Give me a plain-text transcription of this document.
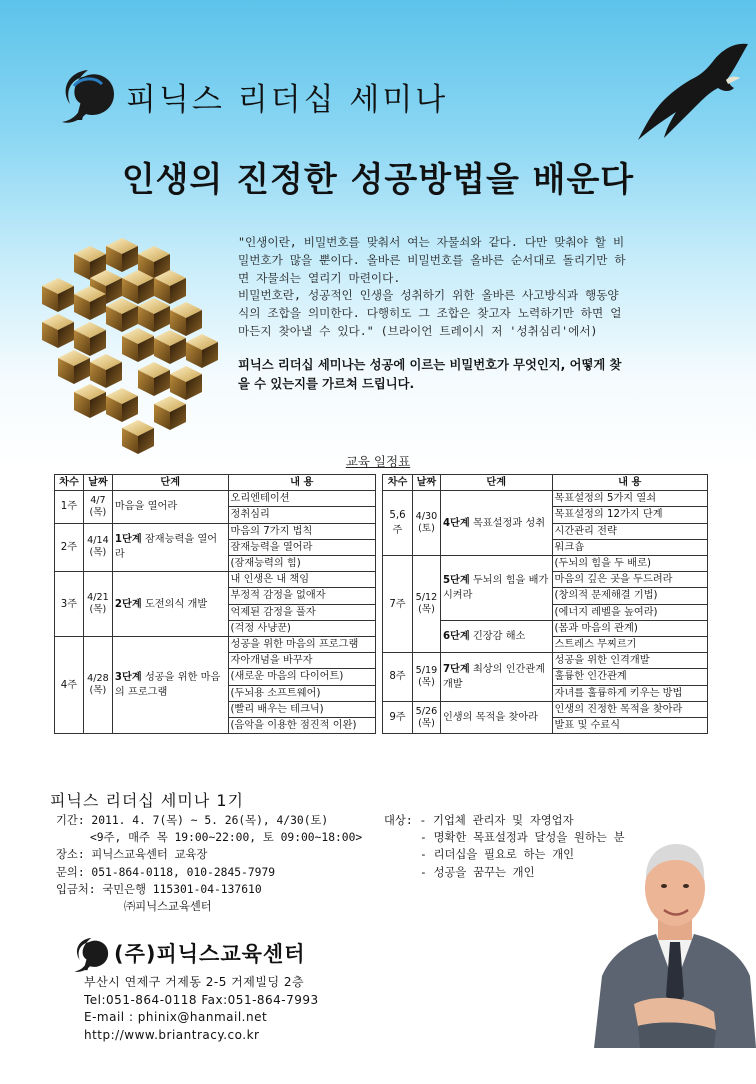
피닉스 리더십 세미나
인생의 진정한 성공방법을 배운다

"인생이란, 비밀번호를 맞춰서 여는 자물쇠와 같다. 다만 맞춰야 할 비

밀번호가 많을 뿐이다. 올바른 비밀번호를 올바른 순서대로 돌리기만 하

면 자물쇠는 열리기 마련이다.

비밀번호란, 성공적인 인생을 성취하기 위한 올바른 사고방식과 행동양

식의 조합을 의미한다. 다행히도 그 조합은 찾고자 노력하기만 하면 얼

마든지 찾아낼 수 있다." (브라이언 트레이시 저 '성취심리'에서)

피닉스 리더십 세미나는 성공에 이르는 비밀번호가 무엇인지, 어떻게 찾
을 수 있는지를 가르쳐 드립니다.
교육 일정표
차수	날짜	단계	내 용
1주	4/7 (목)	마음을 열어라	오리엔테이션
			정취심리
2주	4/14 (목)	1단계 잠재능력을 열어라	마음의 7가지 법칙
			잠재능력을 열어라
			(잠재능력의 힘)
3주	4/21 (목)	2단계 도전의식 개발	내 인생은 내 책임
			부정적 감정을 없애자
			억제된 감정을 풀자
			(걱정 사냥꾼)
4주	4/28 (목)	3단계 성공을 위한 마음의 프로그램	성공을 위한 마음의 프로그램
			자아개념을 바꾸자
			(새로운 마음의 다이어트)
			(두뇌용 소프트웨어)
			(빨리 배우는 테크닉)
			(음악을 이용한 점진적 이완)
차수	날짜	단계	내 용
5,6주	4/30 (토)	4단계 목표설정과 성취	목표설정의 5가지 열쇠
			목표설정의 12가지 단계
			시간관리 전략
			워크숍
7주	5/12 (목)	5단계 두뇌의 힘을 배가시켜라	(두뇌의 힘을 두 배로)
			마음의 깊은 곳을 두드려라
			(창의적 문제해결 기법)
			(에너지 레벨을 높여라)
		6단계 긴장감 해소	(몸과 마음의 관계)
			스트레스 무찌르기
8주	5/19 (목)	7단계 최상의 인간관계 개발	성공을 위한 인격개발
			훌륭한 인간관계
			자녀를 훌륭하게 키우는 방법
9주	5/26 (목)	인생의 목적을 찾아라	인생의 진정한 목적을 찾아라
			발표 및 수료식
피닉스 리더십 세미나 1기
기간: 2011. 4. 7(목) ~ 5. 26(목), 4/30(토)
<9주, 매주 목 19:00~22:00, 토 09:00~18:00>
장소: 피닉스교육센터 교육장
문의: 051-864-0118, 010-2845-7979
입금처: 국민은행 115301-04-137610
㈜피닉스교육센터
대상: - 기업체 관리자 및 자영업자
- 명확한 목표설정과 달성을 원하는 분
- 리더십을 필요로 하는 개인
- 성공을 꿈꾸는 개인
(주)피닉스교육센터
부산시 연제구 거제동 2-5 거제빌딩 2층
Tel:051-864-0118 Fax:051-864-7993
E-mail : phinix@hanmail.net
http://www.briantracy.co.kr
